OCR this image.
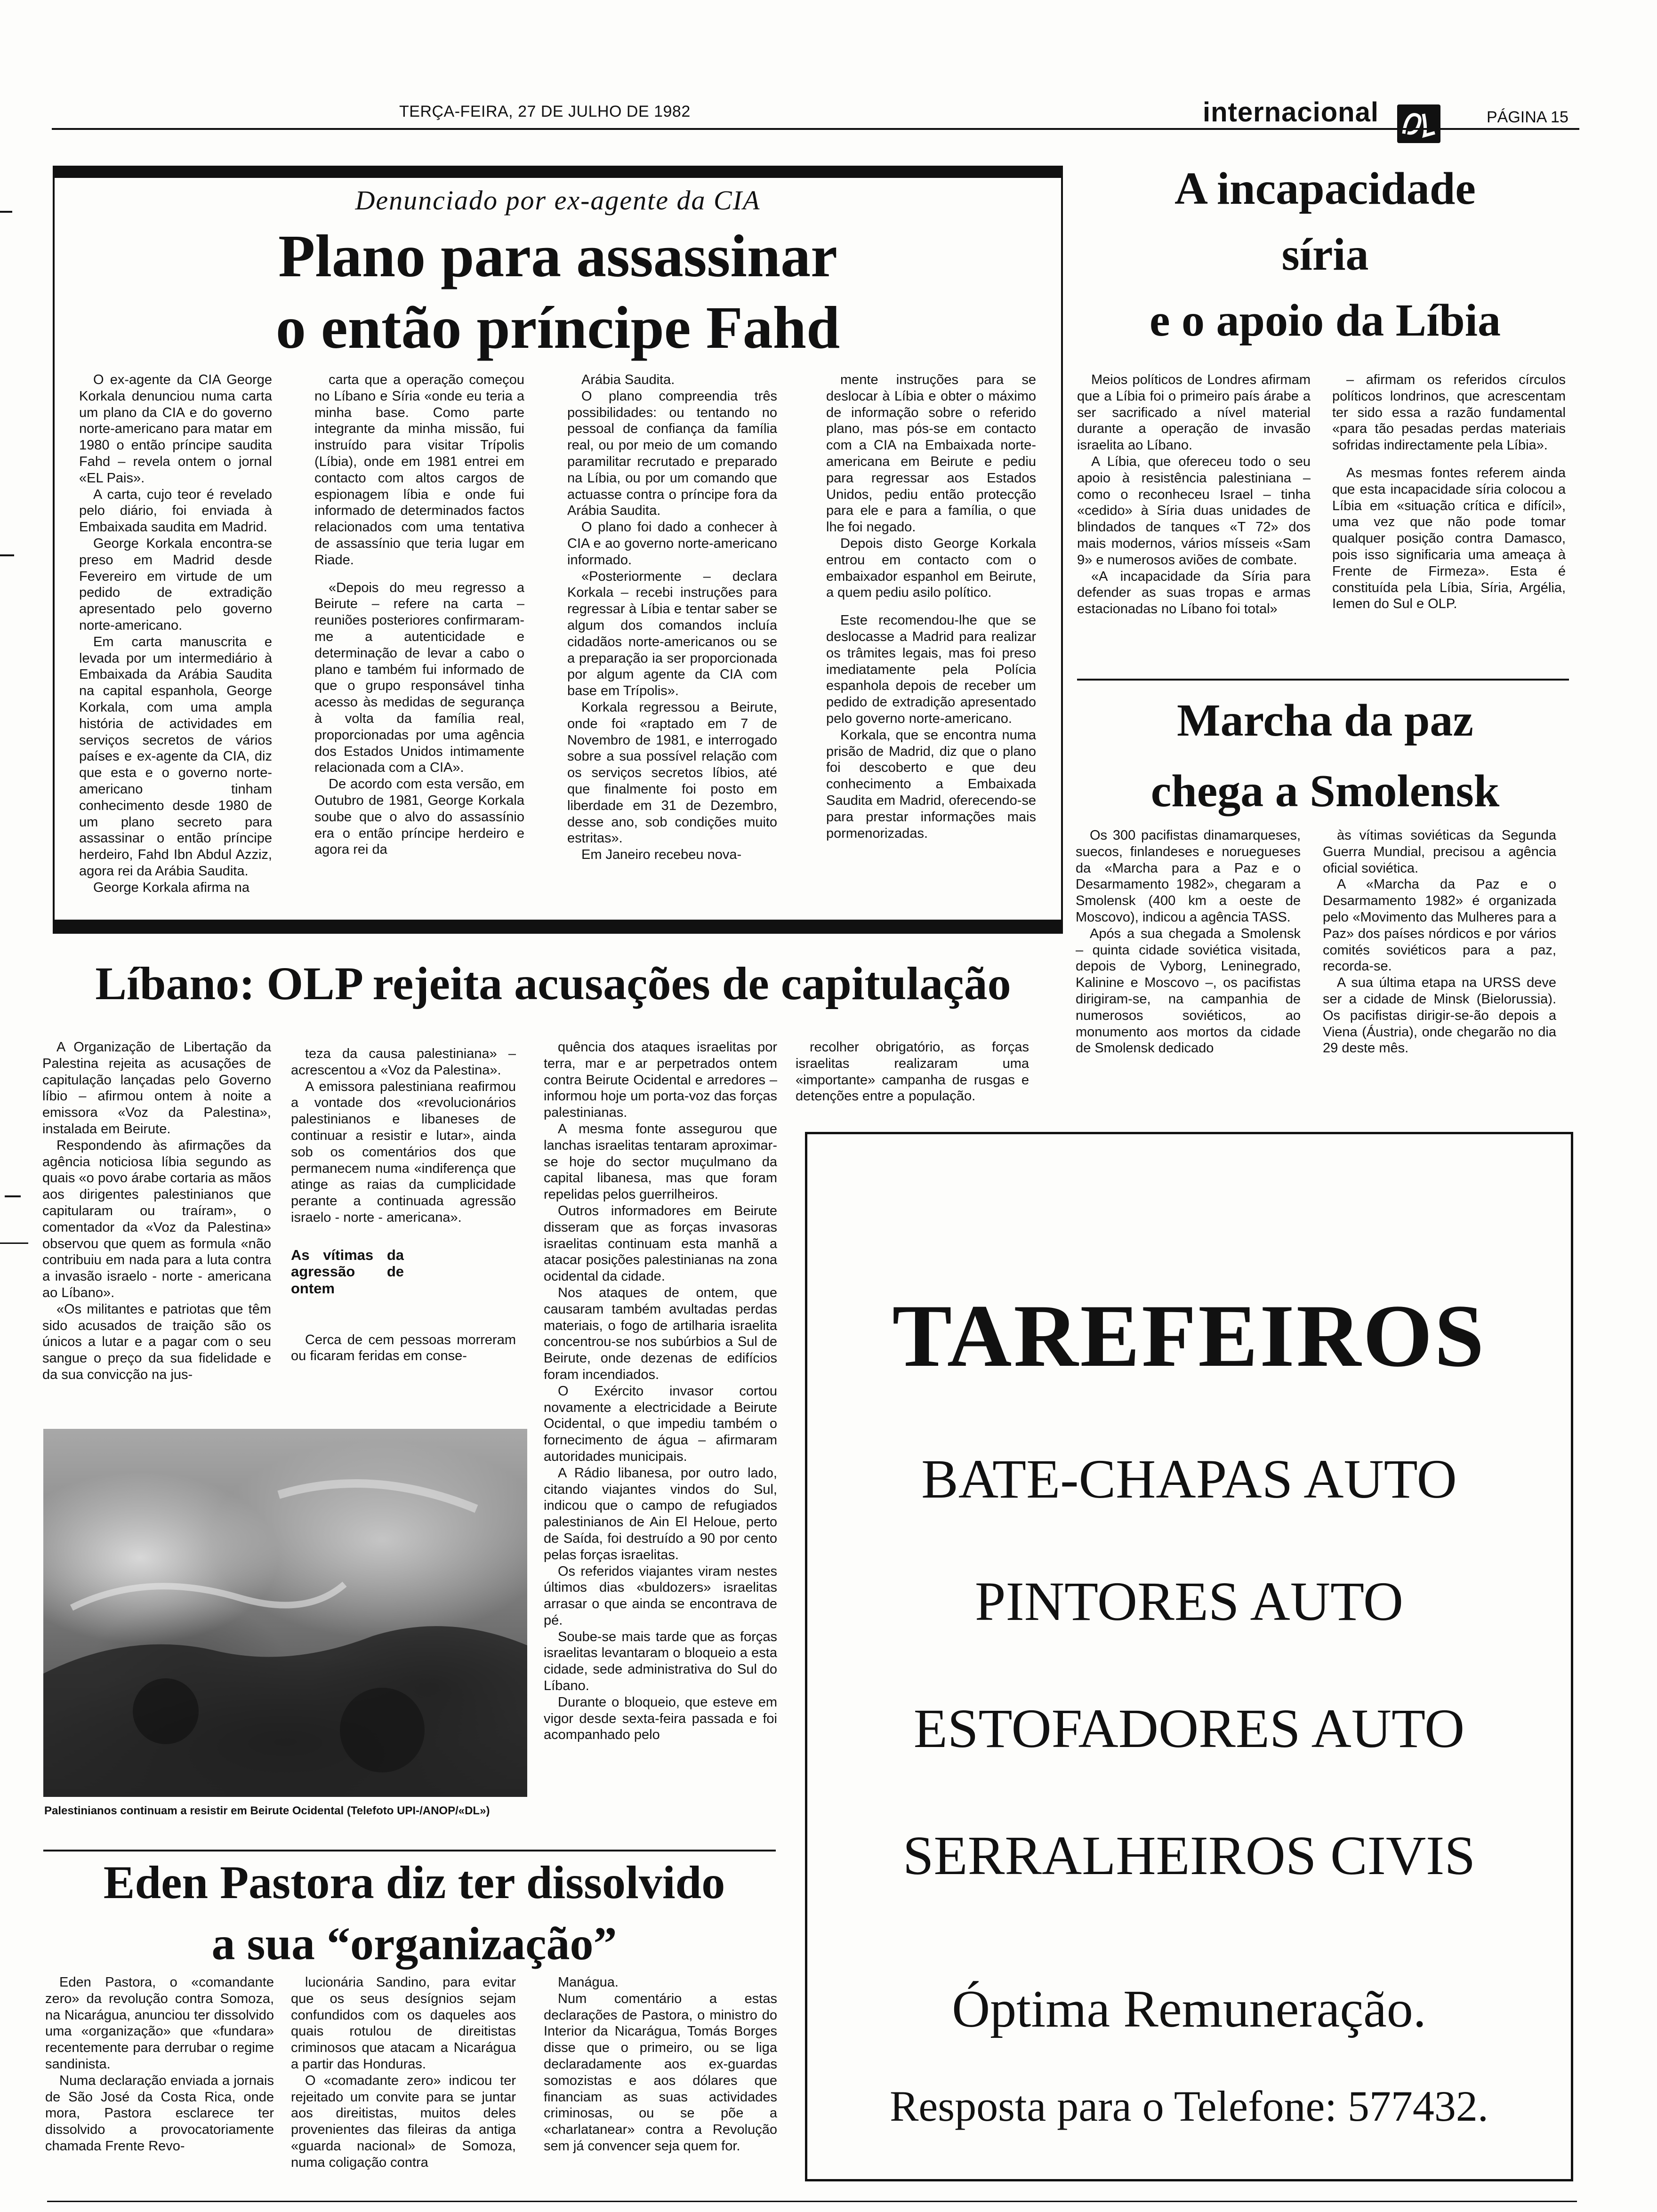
TERÇA-FEIRA, 27 DE JULHO DE 1982	internacional	PÁGINA 15
Denunciado por ex-agente da CIA
Plano para assassinar
o então príncipe Fahd

O ex-agente da CIA George Korkala denunciou numa carta um plano da CIA e do governo norte-americano para matar em 1980 o então príncipe saudita Fahd – revela ontem o jornal «EL Pais».

A carta, cujo teor é revelado pelo diário, foi enviada à Embaixada saudita em Madrid.

George Korkala encontra-se preso em Madrid desde Fevereiro em virtude de um pedido de extradição apresentado pelo governo norte-americano.

Em carta manuscrita e levada por um intermediário à Embaixada da Arábia Saudita na capital espanhola, George Korkala, com uma ampla história de actividades em serviços secretos de vários países e ex-agente da CIA, diz que esta e o governo norte-americano tinham conhecimento desde 1980 de um plano secreto para assassinar o então príncipe herdeiro, Fahd Ibn Abdul Azziz, agora rei da Arábia Saudita.

George Korkala afirma na

carta que a operação começou no Líbano e Síria «onde eu teria a minha base. Como parte integrante da minha missão, fui instruído para visitar Trípolis (Líbia), onde em 1981 entrei em contacto com altos cargos de espionagem líbia e onde fui informado de determinados factos relacionados com uma tentativa de assassínio que teria lugar em Riade.

«Depois do meu regresso a Beirute – refere na carta – reuniões posteriores confirmaram-me a autenticidade e determinação de levar a cabo o plano e também fui informado de que o grupo responsável tinha acesso às medidas de segurança à volta da família real, proporcionadas por uma agência dos Estados Unidos intimamente relacionada com a CIA».

De acordo com esta versão, em Outubro de 1981, George Korkala soube que o alvo do assassínio era o então príncipe herdeiro e agora rei da

Arábia Saudita.

O plano compreendia três possibilidades: ou tentando no pessoal de confiança da família real, ou por meio de um comando paramilitar recrutado e preparado na Líbia, ou por um comando que actuasse contra o príncipe fora da Arábia Saudita.

O plano foi dado a conhecer à CIA e ao governo norte-americano informado.

«Posteriormente – declara Korkala – recebi instruções para regressar à Líbia e tentar saber se algum dos comandos incluía cidadãos norte-americanos ou se a preparação ia ser proporcionada por algum agente da CIA com base em Trípolis».

Korkala regressou a Beirute, onde foi «raptado em 7 de Novembro de 1981, e interrogado sobre a sua possível relação com os serviços secretos líbios, até que finalmente foi posto em liberdade em 31 de Dezembro, desse ano, sob condições muito estritas».

Em Janeiro recebeu nova-

mente instruções para se deslocar à Líbia e obter o máximo de informação sobre o referido plano, mas pós-se em contacto com a CIA na Embaixada norte-americana em Beirute e pediu para regressar aos Estados Unidos, pediu então protecção para ele e para a família, o que lhe foi negado.

Depois disto George Korkala entrou em contacto com o embaixador espanhol em Beirute, a quem pediu asilo político.

Este recomendou-lhe que se deslocasse a Madrid para realizar os trâmites legais, mas foi preso imediatamente pela Polícia espanhola depois de receber um pedido de extradição apresentado pelo governo norte-americano.

Korkala, que se encontra numa prisão de Madrid, diz que o plano foi descoberto e que deu conhecimento a Embaixada Saudita em Madrid, oferecendo-se para prestar informações mais pormenorizadas.

A incapacidade
síria
e o apoio da Líbia

Meios políticos de Londres afirmam que a Líbia foi o primeiro país árabe a ser sacrificado a nível material durante a operação de invasão israelita ao Líbano.

A Líbia, que ofereceu todo o seu apoio à resistência palestiniana – como o reconheceu Israel – tinha «cedido» à Síria duas unidades de blindados de tanques «T 72» dos mais modernos, vários mísseis «Sam 9» e numerosos aviões de combate.

«A incapacidade da Síria para defender as suas tropas e armas estacionadas no Líbano foi total»

– afirmam os referidos círculos políticos londrinos, que acrescentam ter sido essa a razão fundamental «para tão pesadas perdas materiais sofridas indirectamente pela Líbia».

As mesmas fontes referem ainda que esta incapacidade síria colocou a Líbia em «situação crítica e difícil», uma vez que não pode tomar qualquer posição contra Damasco, pois isso significaria uma ameaça à Frente de Firmeza». Esta é constituída pela Líbia, Síria, Argélia, Iemen do Sul e OLP.

Marcha da paz
chega a Smolensk

Os 300 pacifistas dinamarqueses, suecos, finlandeses e noruegueses da «Marcha para a Paz e o Desarmamento 1982», chegaram a Smolensk (400 km a oeste de Moscovo), indicou a agência TASS.

Após a sua chegada a Smolensk – quinta cidade soviética visitada, depois de Vyborg, Leninegrado, Kalinine e Moscovo –, os pacifistas dirigiram-se, na campanhia de numerosos soviéticos, ao monumento aos mortos da cidade de Smolensk dedicado

às vítimas soviéticas da Segunda Guerra Mundial, precisou a agência oficial soviética.

A «Marcha da Paz e o Desarmamento 1982» é organizada pelo «Movimento das Mulheres para a Paz» dos países nórdicos e por vários comités soviéticos para a paz, recorda-se.

A sua última etapa na URSS deve ser a cidade de Minsk (Bielorussia). Os pacifistas dirigir-se-ão depois a Viena (Áustria), onde chegarão no dia 29 deste mês.

Líbano: OLP rejeita acusações de capitulação

A Organização de Libertação da Palestina rejeita as acusações de capitulação lançadas pelo Governo líbio – afirmou ontem à noite a emissora «Voz da Palestina», instalada em Beirute.

Respondendo às afirmações da agência noticiosa líbia segundo as quais «o povo árabe cortaria as mãos aos dirigentes palestinianos que capitularam ou traíram», o comentador da «Voz da Palestina» observou que quem as formula «não contribuiu em nada para a luta contra a invasão israelo - norte - americana ao Líbano».

«Os militantes e patriotas que têm sido acusados de traição são os únicos a lutar e a pagar com o seu sangue o preço da sua fidelidade e da sua convicção na jus-

teza da causa palestiniana» – acrescentou a «Voz da Palestina».

A emissora palestiniana reafirmou a vontade dos «revolucionários palestinianos e libaneses de continuar a resistir e lutar», ainda sob os comentários dos que permanecem numa «indiferença que atinge as raias da cumplicidade perante a continuada agressão israelo - norte - americana».

As vítimas da agressão de ontem

Cerca de cem pessoas morreram ou ficaram feridas em conse-

quência dos ataques israelitas por terra, mar e ar perpetrados ontem contra Beirute Ocidental e arredores – informou hoje um porta-voz das forças palestinianas.

A mesma fonte assegurou que lanchas israelitas tentaram aproximar-se hoje do sector muçulmano da capital libanesa, mas que foram repelidas pelos guerrilheiros.

Outros informadores em Beirute disseram que as forças invasoras israelitas continuam esta manhã a atacar posições palestinianas na zona ocidental da cidade.

Nos ataques de ontem, que causaram também avultadas perdas materiais, o fogo de artilharia israelita concentrou-se nos subúrbios a Sul de Beirute, onde dezenas de edifícios foram incendiados.

O Exército invasor cortou novamente a electricidade a Beirute Ocidental, o que impediu também o fornecimento de água – afirmaram autoridades municipais.

A Rádio libanesa, por outro lado, citando viajantes vindos do Sul, indicou que o campo de refugiados palestinianos de Ain El Heloue, perto de Saída, foi destruído a 90 por cento pelas forças israelitas.

Os referidos viajantes viram nestes últimos dias «buldozers» israelitas arrasar o que ainda se encontrava de pé.

Soube-se mais tarde que as forças israelitas levantaram o bloqueio a esta cidade, sede administrativa do Sul do Líbano.

Durante o bloqueio, que esteve em vigor desde sexta-feira passada e foi acompanhado pelo

recolher obrigatório, as forças israelitas realizaram uma «importante» campanha de rusgas e detenções entre a população.

Palestinianos continuam a resistir em Beirute Ocidental (Telefoto UPI-/ANOP/«DL»)
Eden Pastora diz ter dissolvido
a sua “organização”

Eden Pastora, o «comandante zero» da revolução contra Somoza, na Nicarágua, anunciou ter dissolvido uma «organização» que «fundara» recentemente para derrubar o regime sandinista.

Numa declaração enviada a jornais de São José da Costa Rica, onde mora, Pastora esclarece ter dissolvido a provocatoriamente chamada Frente Revo-

lucionária Sandino, para evitar que os seus desígnios sejam confundidos com os daqueles aos quais rotulou de direitistas criminosos que atacam a Nicarágua a partir das Honduras.

O «comadante zero» indicou ter rejeitado um convite para se juntar aos direitistas, muitos deles provenientes das fileiras da antiga «guarda nacional» de Somoza, numa coligação contra

Manágua.

Num comentário a estas declarações de Pastora, o ministro do Interior da Nicarágua, Tomás Borges disse que o primeiro, ou se liga declaradamente aos ex-guardas somozistas e aos dólares que financiam as suas actividades criminosas, ou se põe a «charlatanear» contra a Revolução sem já convencer seja quem for.

TAREFEIROS
BATE-CHAPAS AUTO
PINTORES AUTO
ESTOFADORES AUTO
SERRALHEIROS CIVIS
Óptima Remuneração.
Resposta para o Telefone: 577432.
